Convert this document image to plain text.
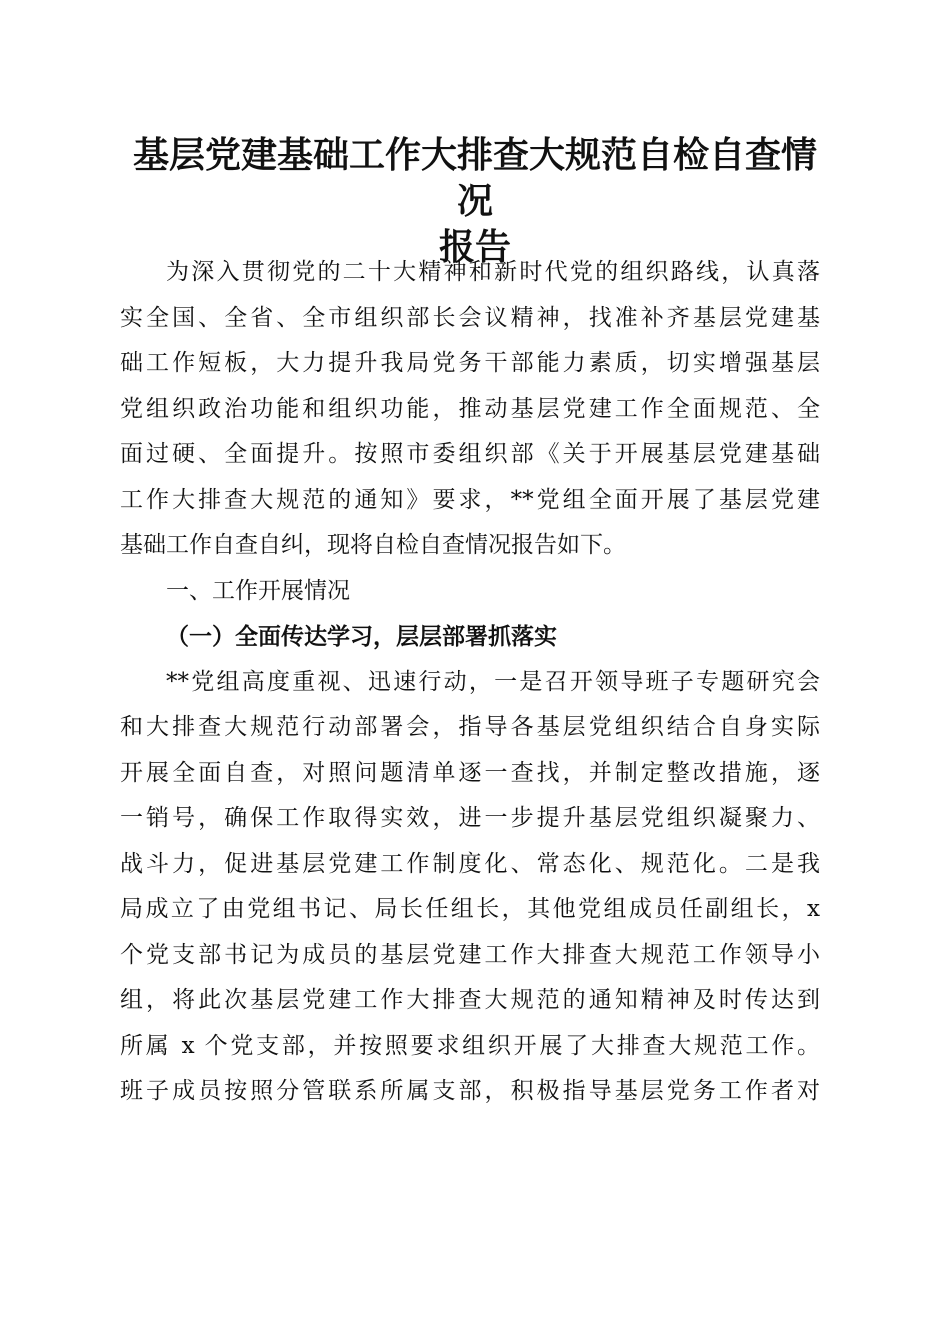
基层党建基础工作大排查大规范自检自查情况
报告
为深入贯彻党的二十大精神和新时代党的组织路线，认真落
实全国、全省、全市组织部长会议精神，找准补齐基层党建基
础工作短板，大力提升我局党务干部能力素质，切实增强基层
党组织政治功能和组织功能，推动基层党建工作全面规范、全
面过硬、全面提升。按照市委组织部《关于开展基层党建基础
工作大排查大规范的通知》要求，**党组全面开展了基层党建
基础工作自查自纠，现将自检自查情况报告如下。
一、工作开展情况
（一）全面传达学习，层层部署抓落实
**党组高度重视、迅速行动，一是召开领导班子专题研究会
和大排查大规范行动部署会，指导各基层党组织结合自身实际
开展全面自查，对照问题清单逐一查找，并制定整改措施，逐
一销号，确保工作取得实效，进一步提升基层党组织凝聚力、
战斗力，促进基层党建工作制度化、常态化、规范化。二是我
局成立了由党组书记、局长任组长，其他党组成员任副组长，x
个党支部书记为成员的基层党建工作大排查大规范工作领导小
组，将此次基层党建工作大排查大规范的通知精神及时传达到
所属 x 个党支部，并按照要求组织开展了大排查大规范工作。
班子成员按照分管联系所属支部，积极指导基层党务工作者对
